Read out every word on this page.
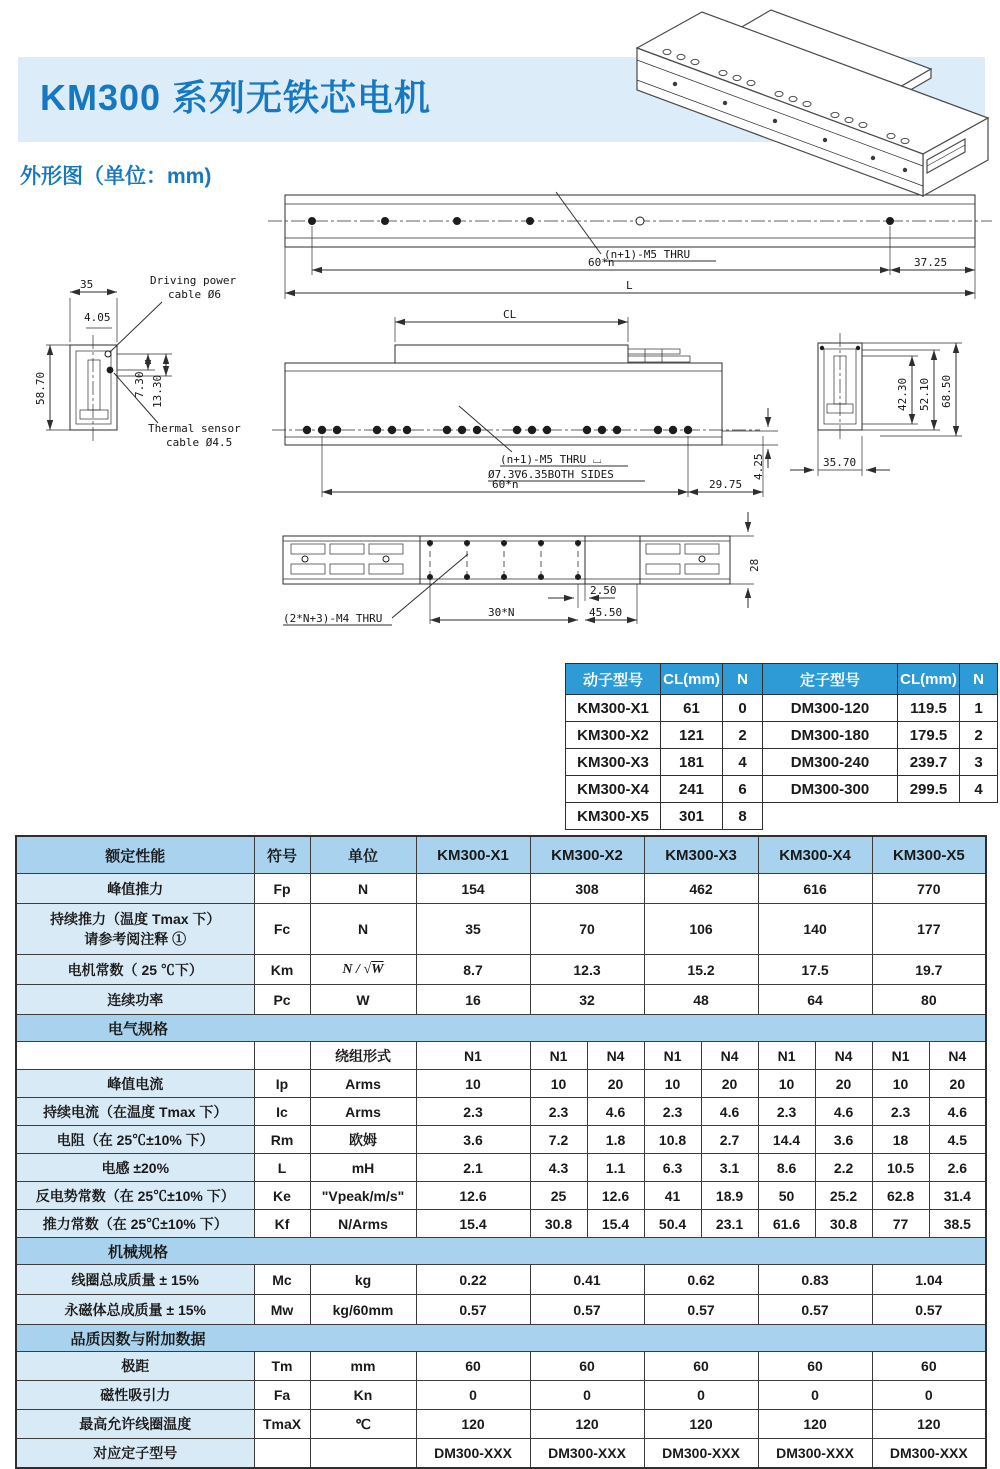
KM300 系列无铁芯电机
外形图（单位：mm)
(n+1)-M5 THRU
60*n	37.25
L
35
4.05
58.70	7.30 13.30
Driving power
cable Ø6
Thermal sensor
cable Ø4.5
CL
(n+1)-M5 THRU ⌴
Ø7.3∇6.35BOTH SIDES
60*n	29.75
4.25
42.30 52.10 68.50
35.70
28
2.50
30*N	45.50
(2*N+3)-M4 THRU
动子型号	CL(mm)	N	定子型号	CL(mm)	N
KM300-X1	61	0	DM300-120	119.5	1
KM300-X2	121	2	DM300-180	179.5	2
KM300-X3	181	4	DM300-240	239.7	3
KM300-X4	241	6	DM300-300	299.5	4
KM300-X5	301	8			
额定性能	符号	单位	KM300-X1	KM300-X2		KM300-X3		KM300-X4		KM300-X5	
峰值推力	Fp	N	154	308		462		616		770	
持续推力（温度 Tmax 下）
请参考阅注释 ①	Fc	N	35	70		106		140		177	
电机常数（ 25 ℃下）	Km	N / √W	8.7	12.3		15.2		17.5		19.7	
连续功率	Pc	W	16	32		48		64		80	
电气规格											
		绕组形式	N1	N1	N4	N1	N4	N1	N4	N1	N4
峰值电流	Ip	Arms	10	10	20	10	20	10	20	10	20
持续电流（在温度 Tmax 下）	Ic	Arms	2.3	2.3	4.6	2.3	4.6	2.3	4.6	2.3	4.6
电阻（在 25℃±10% 下）	Rm	欧姆	3.6	7.2	1.8	10.8	2.7	14.4	3.6	18	4.5
电感 ±20%	L	mH	2.1	4.3	1.1	6.3	3.1	8.6	2.2	10.5	2.6
反电势常数（在 25℃±10% 下）	Ke	"Vpeak/m/s"	12.6	25	12.6	41	18.9	50	25.2	62.8	31.4
推力常数（在 25℃±10% 下）	Kf	N/Arms	15.4	30.8	15.4	50.4	23.1	61.6	30.8	77	38.5
机械规格											
线圈总成质量 ± 15%	Mc	kg	0.22	0.41		0.62		0.83		1.04	
永磁体总成质量 ± 15%	Mw	kg/60mm	0.57	0.57		0.57		0.57		0.57	
品质因数与附加数据											
极距	Tm	mm	60	60		60		60		60	
磁性吸引力	Fa	Kn	0	0		0		0		0	
最高允许线圈温度	TmaX	℃	120	120		120		120		120	
对应定子型号			DM300-XXX	DM300-XXX		DM300-XXX		DM300-XXX		DM300-XXX	
